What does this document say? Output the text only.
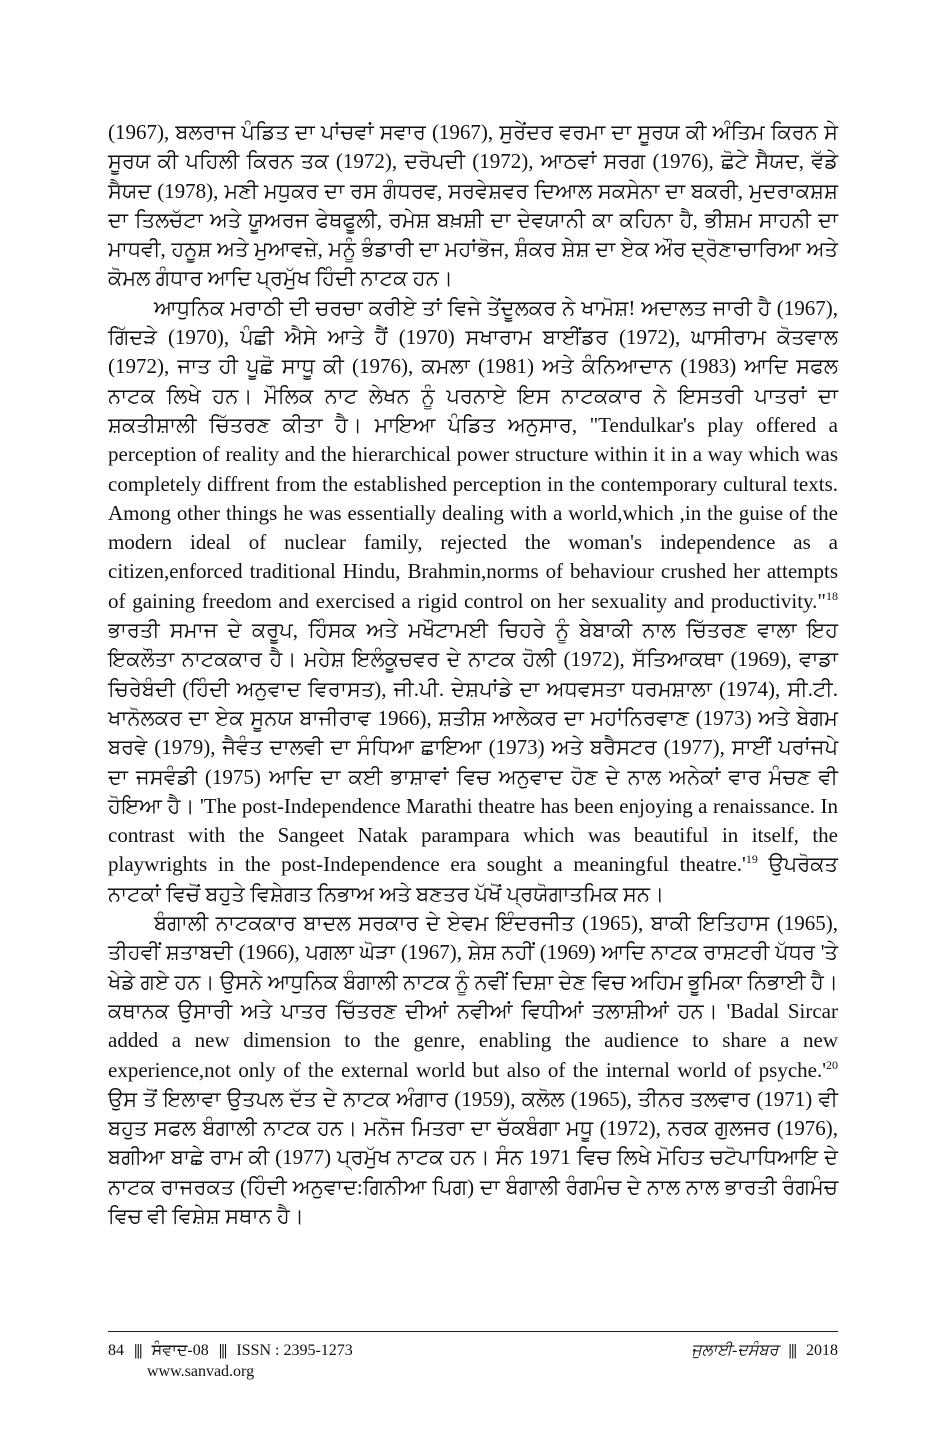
(1967), ਬਲਰਾਜ ਪੰਡਿਤ ਦਾ ਪਾਂਚਵਾਂ ਸਵਾਰ (1967), ਸੁਰੇਂਦਰ ਵਰਮਾ ਦਾ ਸੂਰਯ ਕੀ ਅੰਤਿਮ ਕਿਰਨ ਸੇ ਸੂਰਯ ਕੀ ਪਹਿਲੀ ਕਿਰਨ ਤਕ (1972), ਦਰੋਪਦੀ (1972), ਆਠਵਾਂ ਸਰਗ (1976), ਛੋਟੇ ਸੈਯਦ, ਵੱਡੇ ਸੈਯਦ (1978), ਮਣੀ ਮਧੁਕਰ ਦਾ ਰਸ ਗੰਧਰਵ, ਸਰਵੇਸ਼ਵਰ ਦਿਆਲ ਸਕਸੇਨਾ ਦਾ ਬਕਰੀ, ਮੁਦਰਾਕਸ਼ਸ਼ ਦਾ ਤਿਲਚੱਟਾ ਅਤੇ ਯੂਅਰਜ ਫੇਥਫੂਲੀ, ਰਮੇਸ਼ ਬਖ਼ਸ਼ੀ ਦਾ ਦੇਵਯਾਨੀ ਕਾ ਕਹਿਨਾ ਹੈ, ਭੀਸ਼ਮ ਸਾਹਨੀ ਦਾ ਮਾਧਵੀ, ਹਨੂਸ਼ ਅਤੇ ਮੁਆਵਜ਼ੇ, ਮਨੂੰ ਭੰਡਾਰੀ ਦਾ ਮਹਾਂਭੋਜ, ਸ਼ੰਕਰ ਸ਼ੇਸ਼ ਦਾ ਏਕ ਔਰ ਦ੍ਰੋਣਾਚਾਰਿਆ ਅਤੇ ਕੋਮਲ ਗੰਧਾਰ ਆਦਿ ਪ੍ਰਮੁੱਖ ਹਿੰਦੀ ਨਾਟਕ ਹਨ।

ਆਧੁਨਿਕ ਮਰਾਠੀ ਦੀ ਚਰਚਾ ਕਰੀਏ ਤਾਂ ਵਿਜੇ ਤੇਂਦੂਲਕਰ ਨੇ ਖਾਮੋਸ਼! ਅਦਾਲਤ ਜਾਰੀ ਹੈ (1967), ਗਿੱਦੜੇ (1970), ਪੰਛੀ ਐਸੇ ਆਤੇ ਹੈਂ (1970) ਸਖਾਰਾਮ ਬਾਈਂਡਰ (1972), ਘਾਸੀਰਾਮ ਕੋਤਵਾਲ (1972), ਜਾਤ ਹੀ ਪੂਛੋ ਸਾਧੂ ਕੀ (1976), ਕਮਲਾ (1981) ਅਤੇ ਕੰਨਿਆਦਾਨ (1983) ਆਦਿ ਸਫਲ ਨਾਟਕ ਲਿਖੇ ਹਨ। ਮੌਲਿਕ ਨਾਟ ਲੇਖਨ ਨੂੰ ਪਰਨਾਏ ਇਸ ਨਾਟਕਕਾਰ ਨੇ ਇਸਤਰੀ ਪਾਤਰਾਂ ਦਾ ਸ਼ਕਤੀਸ਼ਾਲੀ ਚਿੱਤਰਣ ਕੀਤਾ ਹੈ। ਮਾਇਆ ਪੰਡਿਤ ਅਨੁਸਾਰ, "Tendulkar's play offered a perception of reality and the hierarchical power structure within it in a way which was completely diffrent from the established perception in the contemporary cultural texts. Among other things he was essentially dealing with a world,which ,in the guise of the modern ideal of nuclear family, rejected the woman's independence as a citizen,enforced traditional Hindu, Brahmin,norms of behaviour crushed her attempts of gaining freedom and exercised a rigid control on her sexuality and productivity."$^{18}$ ਭਾਰਤੀ ਸਮਾਜ ਦੇ ਕਰੂਪ, ਹਿੰਸਕ ਅਤੇ ਮਖੌਟਾਮਈ ਚਿਹਰੇ ਨੂੰ ਬੇਬਾਕੀ ਨਾਲ ਚਿੱਤਰਣ ਵਾਲਾ ਇਹ ਇਕਲੌਤਾ ਨਾਟਕਕਾਰ ਹੈ। ਮਹੇਸ਼ ਇਲੰਕੂਚਵਰ ਦੇ ਨਾਟਕ ਹੋਲੀ (1972), ਸੱਤਿਆਕਥਾ (1969), ਵਾਡਾ ਚਿਰੇਬੰਦੀ (ਹਿੰਦੀ ਅਨੁਵਾਦ ਵਿਰਾਸਤ), ਜੀ.ਪੀ. ਦੇਸ਼ਪਾਂਡੇ ਦਾ ਅਧਵਸਤਾ ਧਰਮਸ਼ਾਲਾ (1974), ਸੀ.ਟੀ. ਖਾਨੋਲਕਰ ਦਾ ਏਕ ਸੂਨਯ ਬਾਜੀਰਾਵ 1966), ਸ਼ਤੀਸ਼ ਆਲੇਕਰ ਦਾ ਮਹਾਂਨਿਰਵਾਣ (1973) ਅਤੇ ਬੇਗਮ ਬਰਵੇ (1979), ਜੈਵੰਤ ਦਾਲਵੀ ਦਾ ਸੰਧਿਆ ਛਾਇਆ (1973) ਅਤੇ ਬਰੈਸਟਰ (1977), ਸਾਈਂ ਪਰਾਂਜਪੇ ਦਾ ਜਸਵੰਡੀ (1975) ਆਦਿ ਦਾ ਕਈ ਭਾਸ਼ਾਵਾਂ ਵਿਚ ਅਨੁਵਾਦ ਹੋਣ ਦੇ ਨਾਲ ਅਨੇਕਾਂ ਵਾਰ ਮੰਚਣ ਵੀ ਹੋਇਆ ਹੈ। 'The post-Independence Marathi theatre has been enjoying a renaissance. In contrast with the Sangeet Natak parampara which was beautiful in itself, the playwrights in the post-Independence era sought a meaningful $theatre.'^{19}$ ਉਪਰੋਕਤ ਨਾਟਕਾਂ ਵਿਚੋਂ ਬਹੁਤੇ ਵਿਸ਼ੇਗਤ ਨਿਭਾਅ ਅਤੇ ਬਣਤਰ ਪੱਖੋਂ ਪ੍ਰਯੋਗਾਤਮਿਕ ਸਨ।

ਬੰਗਾਲੀ ਨਾਟਕਕਾਰ ਬਾਦਲ ਸਰਕਾਰ ਦੇ ਏਵਮ ਇੰਦਰਜੀਤ (1965), ਬਾਕੀ ਇਤਿਹਾਸ (1965), ਤੀਹਵੀਂ ਸ਼ਤਾਬਦੀ (1966), ਪਗਲਾ ਘੋੜਾ (1967), ਸ਼ੇਸ਼ ਨਹੀਂ (1969) ਆਦਿ ਨਾਟਕ ਰਾਸ਼ਟਰੀ ਪੱਧਰ 'ਤੇ ਖੇਡੇ ਗਏ ਹਨ। ਉਸਨੇ ਆਧੁਨਿਕ ਬੰਗਾਲੀ ਨਾਟਕ ਨੂੰ ਨਵੀਂ ਦਿਸ਼ਾ ਦੇਣ ਵਿਚ ਅਹਿਮ ਭੂਮਿਕਾ ਨਿਭਾਈ ਹੈ। ਕਥਾਨਕ ਉਸਾਰੀ ਅਤੇ ਪਾਤਰ ਚਿੱਤਰਣ ਦੀਆਂ ਨਵੀਆਂ ਵਿਧੀਆਂ ਤਲਾਸ਼ੀਆਂ ਹਨ। 'Badal Sircar added a new dimension to the genre, enabling the audience to share a new experience,not only of the external world but also of the internal world of $psyche.'^{20}$ ਉਸ ਤੋਂ ਇਲਾਵਾ ਉਤਪਲ ਦੱਤ ਦੇ ਨਾਟਕ ਅੰਗਾਰ (1959), ਕਲੋਲ (1965), ਤੀਨਰ ਤਲਵਾਰ (1971) ਵੀ ਬਹੁਤ ਸਫਲ ਬੰਗਾਲੀ ਨਾਟਕ ਹਨ। ਮਨੋਜ ਮਿਤਰਾ ਦਾ ਚੱਕਬੰਗਾ ਮਧੂ (1972), ਨਰਕ ਗੁਲਜਰ (1976), ਬਗੀਆ ਬਾਛੇ ਰਾਮ ਕੀ (1977) ਪ੍ਰਮੁੱਖ ਨਾਟਕ ਹਨ। ਸੰਨ 1971 ਵਿਚ ਲਿਖੇ ਮੋਹਿਤ ਚਟੋਪਾਧਿਆਇ ਦੇ ਨਾਟਕ ਰਾਜਰਕਤ (ਹਿੰਦੀ ਅਨੁਵਾਦ:ਗਿਨੀਆ ਪਿਗ) ਦਾ ਬੰਗਾਲੀ ਰੰਗਮੰਚ ਦੇ ਨਾਲ ਨਾਲ ਭਾਰਤੀ ਰੰਗਮੰਚ ਵਿਚ ਵੀ ਵਿਸ਼ੇਸ਼ ਸਥਾਨ ਹੈ।

84 ||| ਸੰਵਾਦ-08 ||| ISSN : 2395-1273
www.sanvad.org
ਜੁਲਾਈ-ਦਸੰਬਰ ||| 2018
